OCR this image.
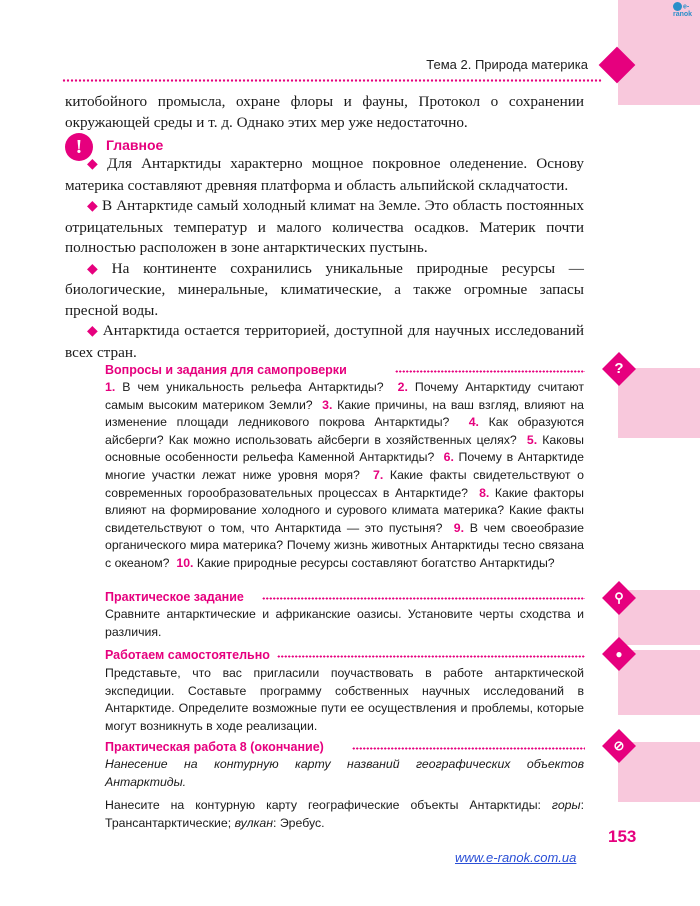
e-ranok
Тема 2. Природа материка
китобойного промысла, охране флоры и фауны, Протокол о сохранении окружающей среды и т. д. Однако этих мер уже недостаточно.
!	Главное
◆ Для Антарктиды характерно мощное покровное оледенение. Основу материка составляют древняя платформа и область альпийской складчатости.
◆ В Антарктиде самый холодный климат на Земле. Это область постоянных отрицательных температур и малого количества осадков. Материк почти полностью расположен в зоне антарктических пустынь.
◆ На континенте сохранились уникальные природные ресурсы — биологические, минеральные, климатические, а также огромные запасы пресной воды.
◆ Антарктида остается территорией, доступной для научных исследований всех стран.
Вопросы и задания для самопроверки	?
1. В чем уникальность рельефа Антарктиды? 2. Почему Антарктиду считают самым высоким материком Земли? 3. Какие причины, на ваш взгляд, влияют на изменение площади ледникового покрова Антарктиды? 4. Как образуются айсберги? Как можно использовать айсберги в хозяйственных целях? 5. Каковы основные особенности рельефа Каменной Антарктиды? 6. Почему в Антарктиде многие участки лежат ниже уровня моря? 7. Какие факты свидетельствуют о современных горообразовательных процессах в Антарктиде? 8. Какие факторы влияют на формирование холодного и сурового климата материка? Какие факты свидетельствуют о том, что Антарктида — это пустыня? 9. В чем своеобразие органического мира материка? Почему жизнь животных Антарктиды тесно связана с океаном? 10. Какие природные ресурсы составляют богатство Антарктиды?
Практическое задание	⚲
Сравните антарктические и африканские оазисы. Установите черты сходства и различия.
Работаем самостоятельно	●
Представьте, что вас пригласили поучаствовать в работе антарктической экспедиции. Составьте программу собственных научных исследований в Антарктиде. Определите возможные пути ее осуществления и проблемы, которые могут возникнуть в ходе реализации.
Практическая работа 8 (окончание)	⊘
Нанесение на контурную карту названий географических объектов Антарктиды.
Нанесите на контурную карту географические объекты Антарктиды: горы: Трансантарктические; вулкан: Эребус.
153
www.e-ranok.com.ua
